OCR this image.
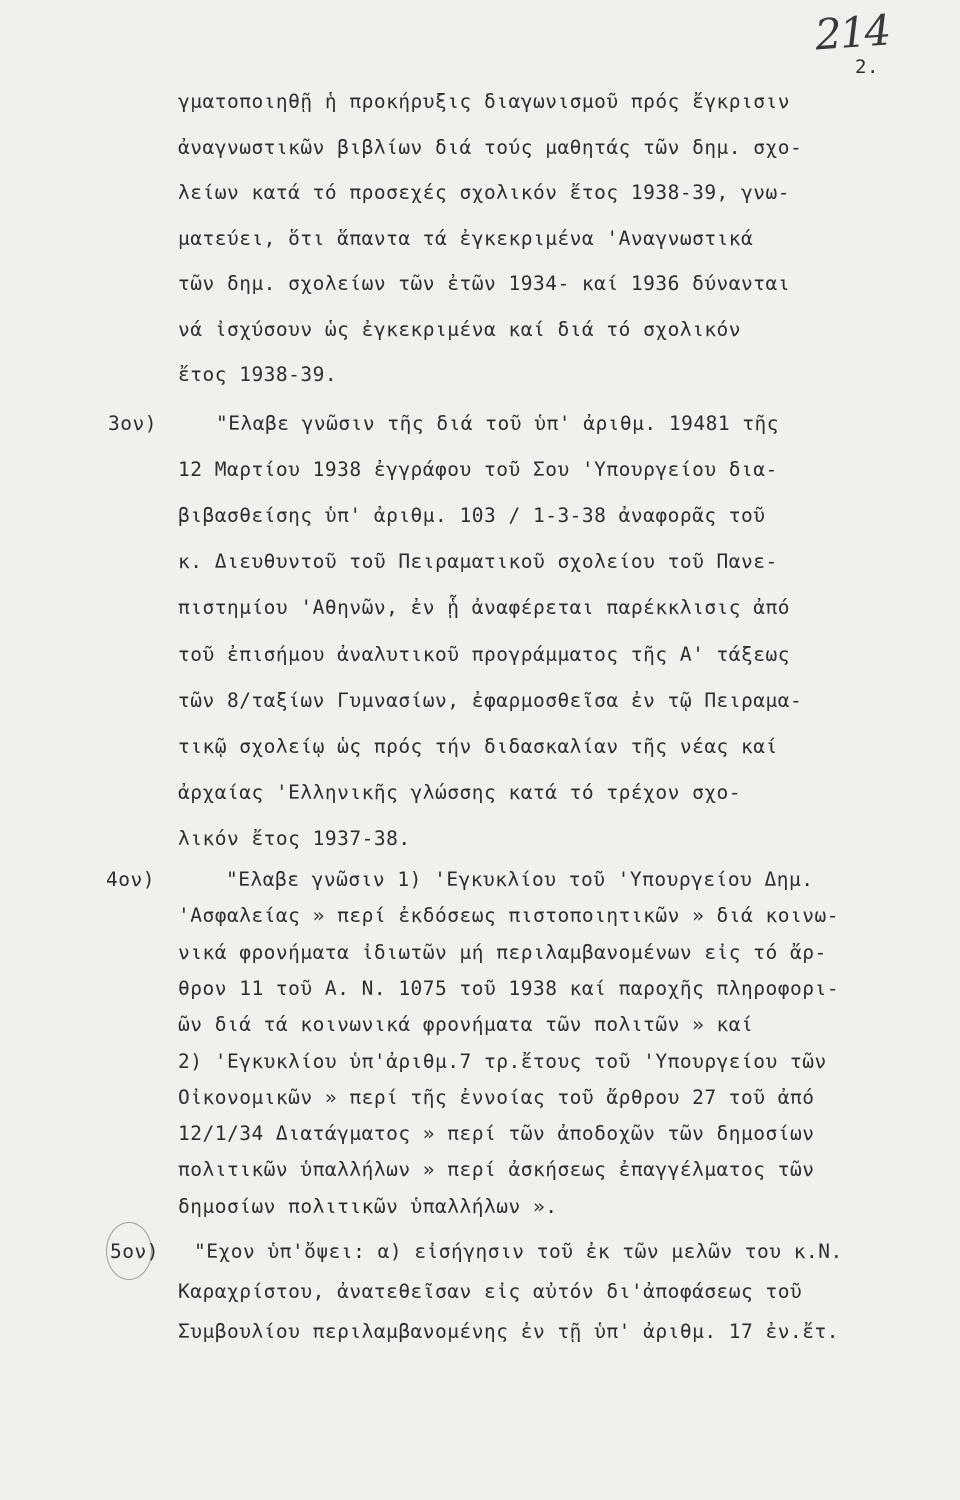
214
2.
γματοποιηθῇ ἡ προκήρυξις διαγωνισμοῦ πρός ἔγκρισιν
ἀναγνωστικῶν βιβλίων διά τούς μαθητάς τῶν δημ. σχο-
λείων κατά τό προσεχές σχολικόν ἔτος 1938-39, γνω-
ματεύει, ὅτι ἅπαντα τά ἐγκεκριμένα 'Αναγνωστικά
τῶν δημ. σχολείων τῶν ἐτῶν 1934- καί 1936 δύνανται
νά ἰσχύσουν ὡς ἐγκεκριμένα καί διά τό σχολικόν
ἔτος 1938-39.
3ον)	"Ελαβε γνῶσιν τῆς διά τοῦ ὑπ' ἀριθμ. 19481 τῆς
12 Μαρτίου 1938 ἐγγράφου τοῦ Σου 'Υπουργείου δια-
βιβασθείσης ὑπ' ἀριθμ. 103 / 1-3-38 ἀναφορᾶς τοῦ
κ. Διευθυντοῦ τοῦ Πειραματικοῦ σχολείου τοῦ Πανε-
πιστημίου 'Αθηνῶν, ἐν ᾗ ἀναφέρεται παρέκκλισις ἀπό
τοῦ ἐπισήμου ἀναλυτικοῦ προγράμματος τῆς Α' τάξεως
τῶν 8/ταξίων Γυμνασίων, ἐφαρμοσθεῖσα ἐν τῷ Πειραμα-
τικῷ σχολείῳ ὡς πρός τήν διδασκαλίαν τῆς νέας καί
ἀρχαίας 'Ελληνικῆς γλώσσης κατά τό τρέχον σχο-
λικόν ἔτος 1937-38.
4ον)	"Ελαβε γνῶσιν 1) 'Εγκυκλίου τοῦ 'Υπουργείου Δημ.
'Ασφαλείας » περί ἐκδόσεως πιστοποιητικῶν » διά κοινω-
νικά φρονήματα ἰδιωτῶν μή περιλαμβανομένων εἰς τό ἄρ-
θρον 11 τοῦ Α. Ν. 1075 τοῦ 1938 καί παροχῆς πληροφορι-
ῶν διά τά κοινωνικά φρονήματα τῶν πολιτῶν » καί
2) 'Εγκυκλίου ὑπ'ἀριθμ.7 τρ.ἔτους τοῦ 'Υπουργείου τῶν
Οἰκονομικῶν » περί τῆς ἐννοίας τοῦ ἄρθρου 27 τοῦ ἀπό
12/1/34 Διατάγματος » περί τῶν ἀποδοχῶν τῶν δημοσίων
πολιτικῶν ὑπαλλήλων » περί ἀσκήσεως ἐπαγγέλματος τῶν
δημοσίων πολιτικῶν ὑπαλλήλων ».
5ον) "Εχον ὑπ'ὄψει: α) εἰσήγησιν τοῦ ἐκ τῶν μελῶν του κ.Ν.
Καραχρίστου, ἀνατεθεῖσαν εἰς αὐτόν δι'ἀποφάσεως τοῦ
Συμβουλίου περιλαμβανομένης ἐν τῇ ὑπ' ἀριθμ. 17 ἐν.ἔτ.
